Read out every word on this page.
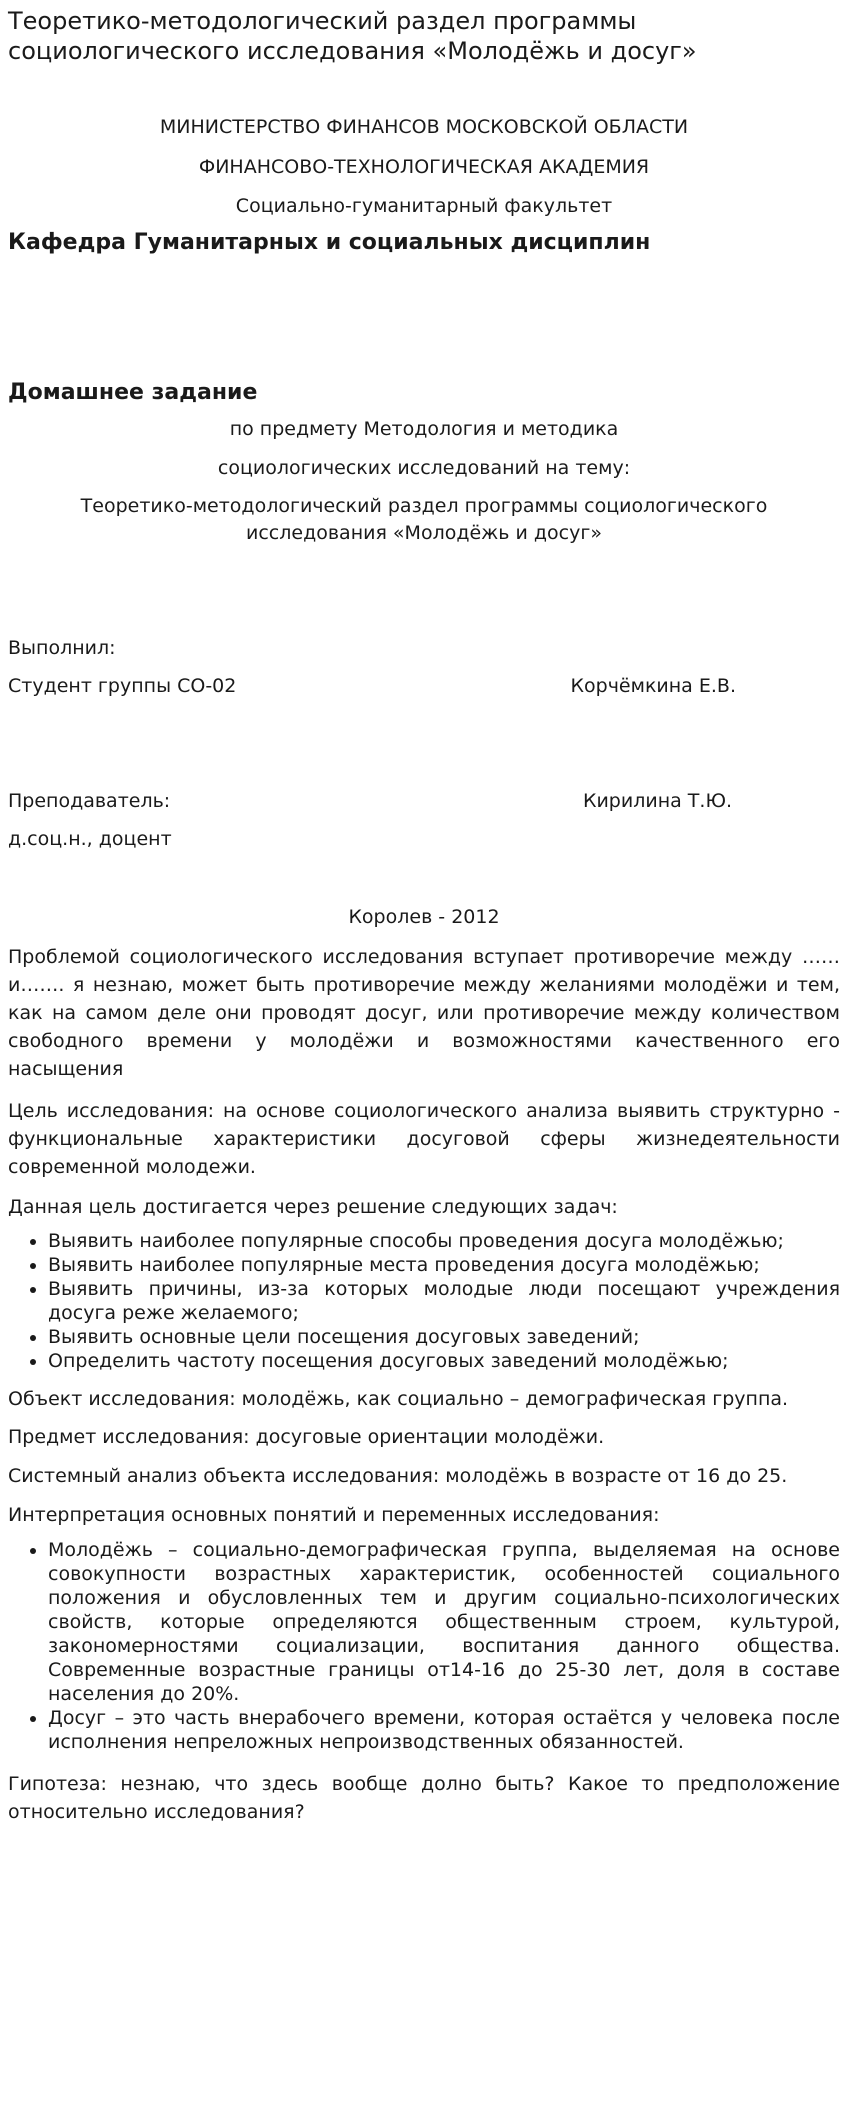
Теоретико-методологический раздел программы социологического исследования «Молодёжь и досуг»
МИНИСТЕРСТВО ФИНАНСОВ МОСКОВСКОЙ ОБЛАСТИ
ФИНАНСОВО-ТЕХНОЛОГИЧЕСКАЯ АКАДЕМИЯ
Социально-гуманитарный факультет
Кафедра Гуманитарных и социальных дисциплин
Домашнее задание
по предмету Методология и методика
социологических исследований на тему:
Теоретико-методологический раздел программы социологического
исследования «Молодёжь и досуг»
Выполнил:
Студент группы СО-02	Корчёмкина Е.В.
Преподаватель:	Кирилина Т.Ю.
д.соц.н., доцент
Королев - 2012
Проблемой социологического исследования вступает противоречие между ……и……. я незнаю, может быть противоречие между желаниями молодёжи и тем, как на самом деле они проводят досуг, или противоречие между количеством свободного времени у молодёжи и возможностями качественного его насыщения
Цель исследования: на основе социологического анализа выявить структурно - функциональные характеристики досуговой сферы жизнедеятельности современной молодежи.
Данная цель достигается через решение следующих задач:
• Выявить наиболее популярные способы проведения досуга молодёжью;
• Выявить наиболее популярные места проведения досуга молодёжью;
• Выявить причины, из-за которых молодые люди посещают учреждения досуга реже желаемого;
• Выявить основные цели посещения досуговых заведений;
• Определить частоту посещения досуговых заведений молодёжью;
Объект исследования: молодёжь, как социально – демографическая группа.
Предмет исследования: досуговые ориентации молодёжи.
Системный анализ объекта исследования: молодёжь в возрасте от 16 до 25.
Интерпретация основных понятий и переменных исследования:
• Молодёжь – социально-демографическая группа, выделяемая на основе совокупности возрастных характеристик, особенностей социального положения и обусловленных тем и другим социально-психологических свойств, которые определяются общественным строем, культурой, закономерностями социализации, воспитания данного общества. Современные возрастные границы от14-16 до 25-30 лет, доля в составе населения до 20%.
• Досуг – это часть внерабочего времени, которая остаётся у человека после исполнения непреложных непроизводственных обязанностей.
Гипотеза: незнаю, что здесь вообще долно быть? Какое то предположение относительно исследования?
